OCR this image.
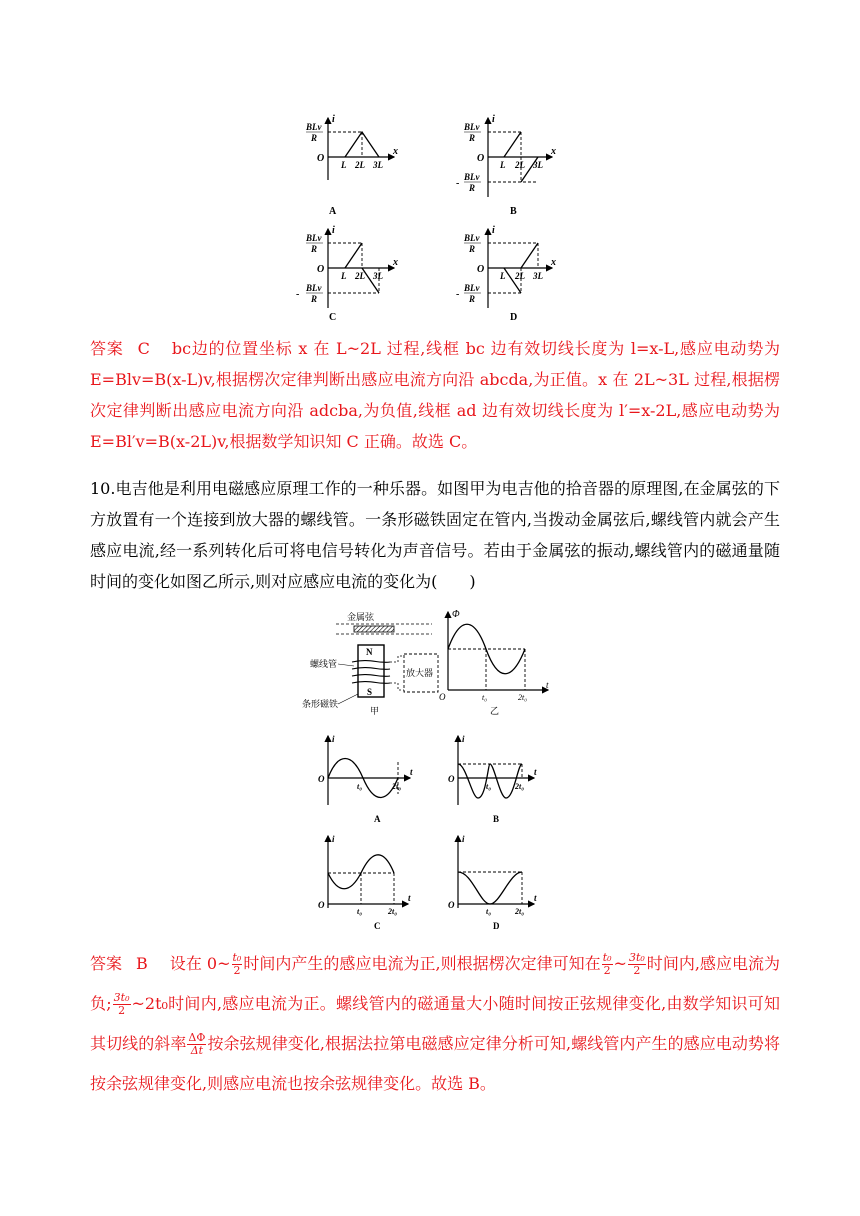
BLv
R
i
x
O
L 2L 3L
A
BLv
R
-
BLv
R
i
x
O
L 2L 3L
B
BLv
R
-
BLv
R
i
x
O
L 2L 3L
C
BLv
R
-
BLv
R
i
x
O
L 2L 3L
D
答案 C bc边的位置坐标 x 在 L~2L 过程,线框 bc 边有效切线长度为 l=x-L,感应电动势为 E=Blv=B(x-L)v,根据楞次定律判断出感应电流方向沿 abcda,为正值。x 在 2L~3L 过程,根据楞次定律判断出感应电流方向沿 adcba,为负值,线框 ad 边有效切线长度为 l′=x-2L,感应电动势为 E=Bl′v=B(x-2L)v,根据数学知识知 C 正确。故选 C。
10.电吉他是利用电磁感应原理工作的一种乐器。如图甲为电吉他的拾音器的原理图,在金属弦的下方放置有一个连接到放大器的螺线管。一条形磁铁固定在管内,当拨动金属弦后,螺线管内就会产生感应电流,经一系列转化后可将电信号转化为声音信号。若由于金属弦的振动,螺线管内的磁通量随时间的变化如图乙所示,则对应感应电流的变化为(　　)
金属弦
N
S
放大器
螺线管
条形磁铁
甲
Φ
t
O	t₀	2t₀
乙
i
t
O
t₀	2t₀
A
i
t
O
t₀	2t₀
B
i
t
O
t₀	2t₀
C
i
t
O
t₀	2t₀
D
答案 B 设在 0~ $\frac{\text{t₀}}{2}$ 时间内产生的感应电流为正,则根据楞次定律可知在 $\frac{\text{t₀}}{2}$ ~ $\frac{\text{3t₀}}{2}$ 时间内,感应电流为负; $\frac{\text{3t₀}}{2}$ ~2t₀时间内,感应电流为正。螺线管内的磁通量大小随时间按正弦规律变化,由数学知识可知其切线的斜率 $\frac{\Delta\Phi}{\Delta t}$ 按余弦规律变化,根据法拉第电磁感应定律分析可知,螺线管内产生的感应电动势将按余弦规律变化,则感应电流也按余弦规律变化。故选 B。
